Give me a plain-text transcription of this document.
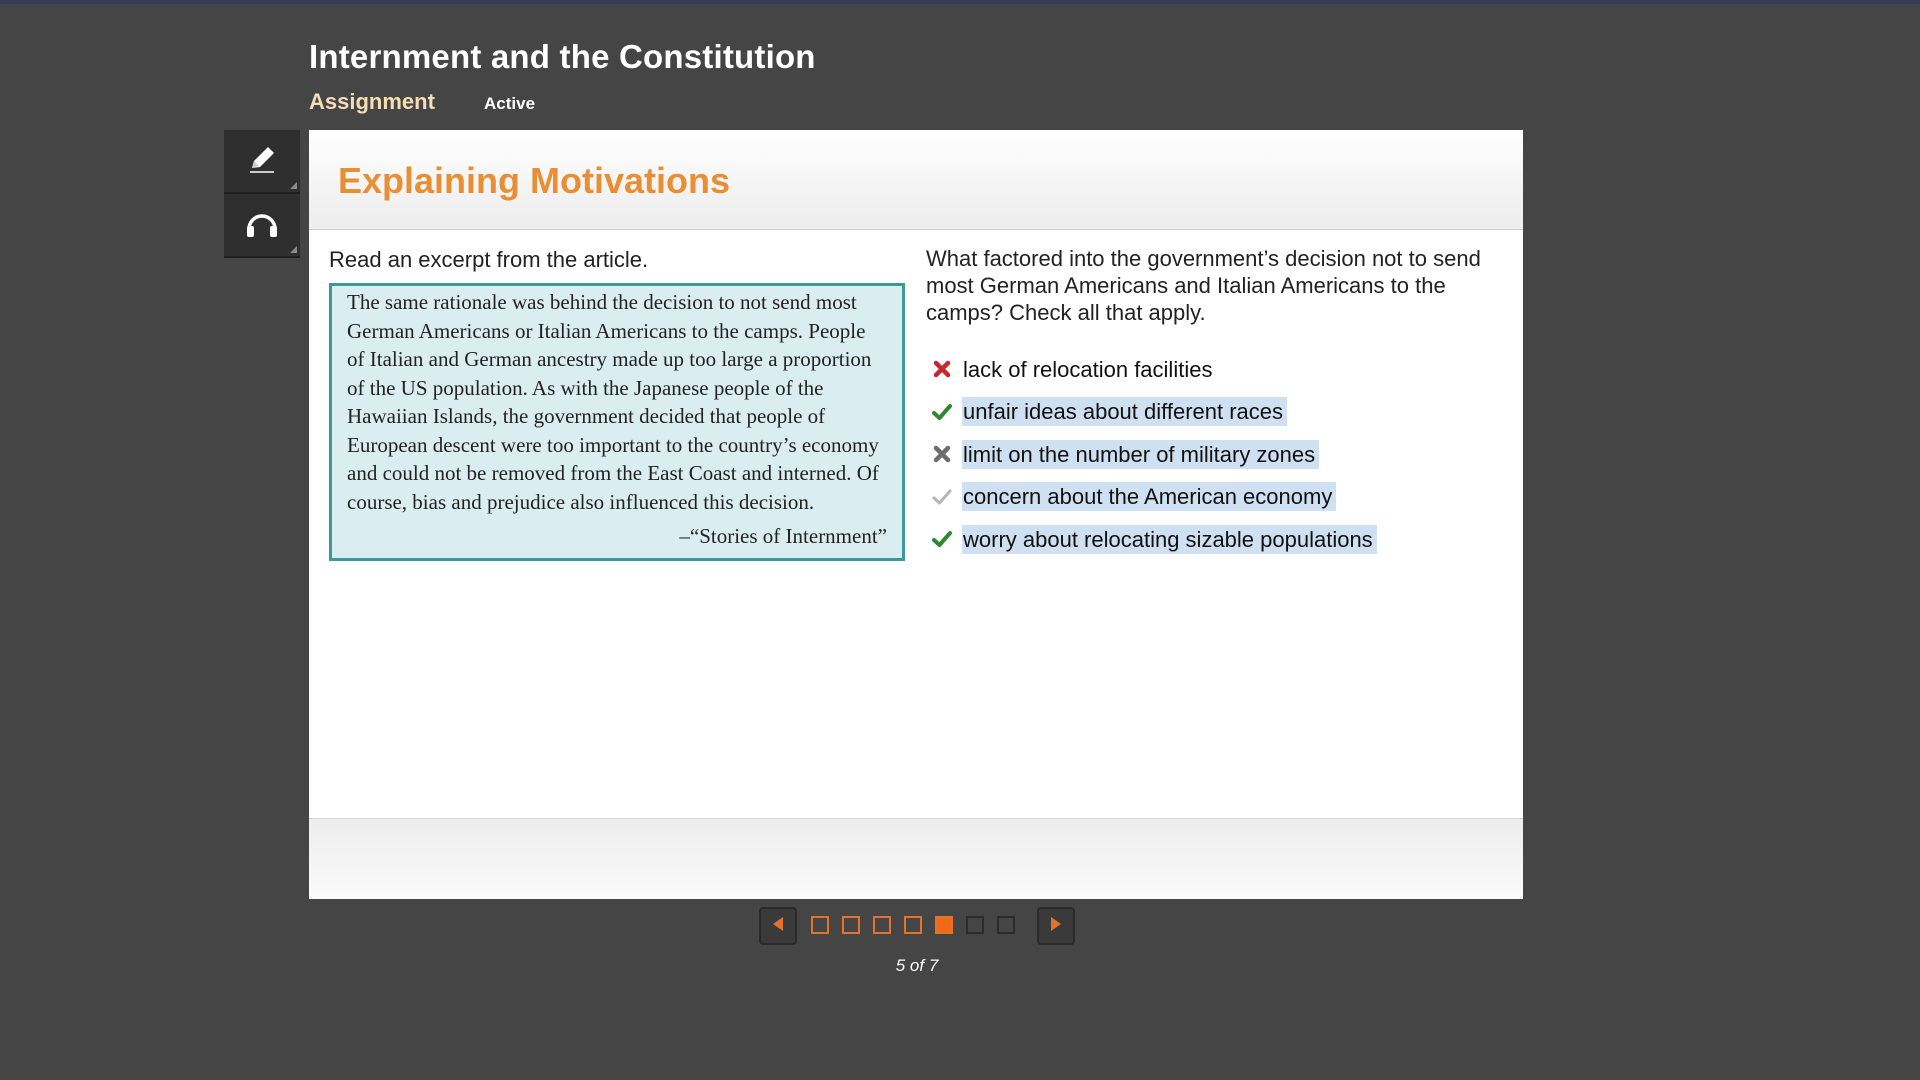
Internment and the Constitution
Assignment	Active
Explaining Motivations
Read an excerpt from the article.
The same rationale was behind the decision to not send most German Americans or Italian Americans to the camps. People of Italian and German ancestry made up too large a proportion of the US population. As with the Japanese people of the Hawaiian Islands, the government decided that people of European descent were too important to the country’s economy and could not be removed from the East Coast and interned. Of course, bias and prejudice also influenced this decision.
–“Stories of Internment”
What factored into the government’s decision not to send most German Americans and Italian Americans to the camps? Check all that apply.
lack of relocation facilities
unfair ideas about different races
limit on the number of military zones
concern about the American economy
worry about relocating sizable populations
5 of 7
